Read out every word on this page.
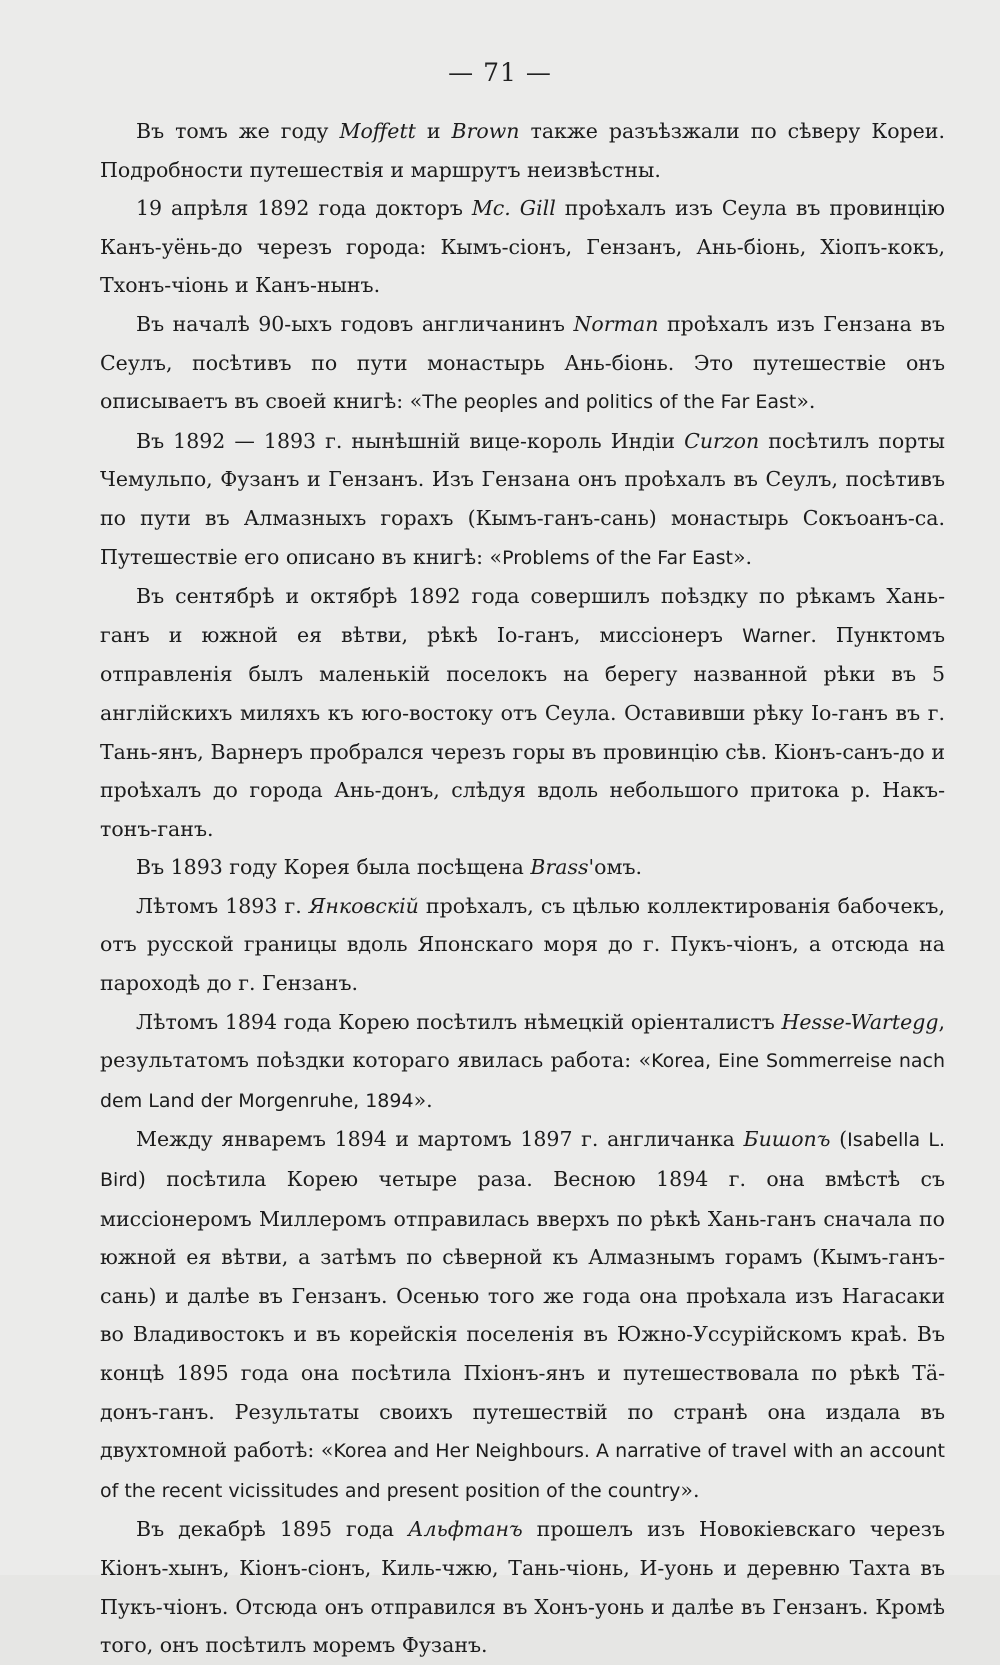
— 71 —

Въ томъ же году Moffett и Brown также разъѣзжали по сѣверу Кореи. Подробности путешествія и маршрутъ неизвѣстны.

19 апрѣля 1892 года докторъ Mc. Gill проѣхалъ изъ Сеула въ провинцію Канъ-уёнь-до черезъ города: Кымъ-сіонъ, Гензанъ, Ань-біонь, Хіопъ-кокъ, Тхонъ-чіонь и Канъ-нынъ.

Въ началѣ 90-ыхъ годовъ англичанинъ Norman проѣхалъ изъ Гензана въ Сеулъ, посѣтивъ по пути монастырь Ань-біонь. Это путешествіе онъ описываетъ въ своей книгѣ: «The peoples and politics of the Far East».

Въ 1892 — 1893 г. нынѣшній вице-король Индіи Curzon посѣтилъ порты Чемульпо, Фузанъ и Гензанъ. Изъ Гензана онъ проѣхалъ въ Сеулъ, посѣтивъ по пути въ Алмазныхъ горахъ (Кымъ-ганъ-сань) монастырь Сокъоанъ-са. Путешествіе его описано въ книгѣ: «Problems of the Far East».

Въ сентябрѣ и октябрѣ 1892 года совершилъ поѣздку по рѣкамъ Хань-ганъ и южной ея вѣтви, рѣкѣ Іо-ганъ, миссіонеръ Warner. Пунктомъ отправленія былъ маленькій поселокъ на берегу названной рѣки въ 5 англійскихъ миляхъ къ юго-востоку отъ Сеула. Оставивши рѣку Іо-ганъ въ г. Тань-янъ, Варнеръ пробрался черезъ горы въ провинцію сѣв. Кіонъ-санъ-до и проѣхалъ до города Ань-донъ, слѣдуя вдоль небольшого притока р. Накъ-тонъ-ганъ.

Въ 1893 году Корея была посѣщена Brass'омъ.

Лѣтомъ 1893 г. Янковскій проѣхалъ, съ цѣлью коллектированія бабочекъ, отъ русской границы вдоль Японскаго моря до г. Пукъ-чіонъ, а отсюда на пароходѣ до г. Гензанъ.

Лѣтомъ 1894 года Корею посѣтилъ нѣмецкій оріенталистъ Hesse-Wartegg, результатомъ поѣздки котораго явилась работа: «Korea, Eine Sommerreise nach dem Land der Morgenruhe, 1894».

Между январемъ 1894 и мартомъ 1897 г. англичанка Бишопъ (Isabella L. Bird) посѣтила Корею четыре раза. Весною 1894 г. она вмѣстѣ съ миссіонеромъ Миллеромъ отправилась вверхъ по рѣкѣ Хань-ганъ сначала по южной ея вѣтви, а затѣмъ по сѣверной къ Алмазнымъ горамъ (Кымъ-ганъ-сань) и далѣе въ Гензанъ. Осенью того же года она проѣхала изъ Нагасаки во Владивостокъ и въ корейскія поселенія въ Южно-Уссурійскомъ краѣ. Въ концѣ 1895 года она посѣтила Пхіонъ-янъ и путешествовала по рѣкѣ Тä-донъ-ганъ. Результаты своихъ путешествій по странѣ она издала въ двухтомной работѣ: «Korea and Her Neighbours. A narrative of travel with an account of the recent vicissitudes and present position of the country».

Въ декабрѣ 1895 года Альфтанъ прошелъ изъ Новокіевскаго черезъ Кіонъ-хынъ, Кіонъ-сіонъ, Киль-чжю, Тань-чіонь, И-уонь и деревню Тахта въ Пукъ-чіонъ. Отсюда онъ отправился въ Хонъ-уонь и далѣе въ Гензанъ. Кромѣ того, онъ посѣтилъ моремъ Фузанъ.
